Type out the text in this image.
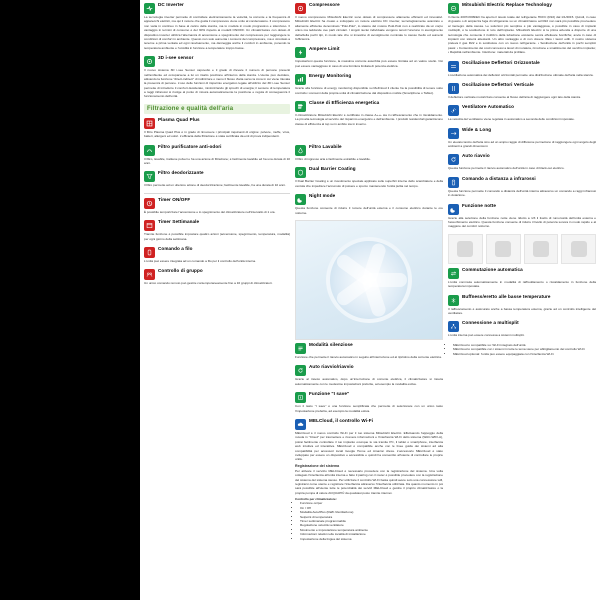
DC Inverter
La tecnologia inverter permette di controllare elettronicamente la velocità, la corrente e la frequenza di apparecchi elettrici, ma qui il motore che guida il compressore viene unito al condensatore. Il compressore non varia in continuo in base al carico della stanza, ma lo modula in modo progressivo e silenzioso. Il vantaggio in termini di consumo è del 30% rispetto ai modelli ON/OFF. Un climatizzatore con dotato di dispositivo inverter utilizza l'alternanza di accensione e spegnimento del compressore per raggiungere le condizioni di comfort in ambiente. Questo non solo aumenta i consumi del compressore, ma è vincolato a tenerne a prima ventata ed ogni ravvisamento, ma danneggia anche il comfort in ambiente, ponendo la temperatura ambiente e l'umidità in funzione a temperature troppo basse.
3D i-see sensor
Il nuovo sistema 3D i-see Sensor capovolto e il grado di rilevare il numero di persone presenti nell'ambiente ed occuparsene a lui un risalto posizione all'interno della stanza. L'utente può decidere, attivando la funzione "direct-indirect" di indirizzare o meno il flusso d'aria verso la zona in cui viene rilevata la presenza di persone. L'uso delle funzioni di risparmio energetico legate all'utilizzo del 3D i-see Sensor permette di introdurre il comfort desiderato, minimizzando gli sprechi di energia; il sensore di temperatura a raggi infrarossi si rivolge al punto di misura automaticamente la posizione e regola di conseguenza il funzionamento dell'unità.
Filtrazione e qualità dell'aria
Plasma Quad Plus
Il filtro Plasma Quad Plus è in grado di rimuovere i principali inquinanti di origine: polvere, muffe, virus, batteri, allergeni ed odori. L'efficacia della filtrazione è stata certificata da enti di prova indipendenti.
Filtro purificatore anti-odori
Il filtro, lavabile, trattiene polveri e ha una azione di filtrazione; è facilmente lavabile ed ha una durata di 10 anni.
Filtro deodorizzante
Il filtro permette ad un ulteriore azione di deodorizzazione; facilmente lavabile, ha una durata di 10 anni.
Timer ON/OFF
È possibile temporizzare l'accensione e lo spegnimento del climatizzatore nell'intervallo di 1 ora.
Timer Settimanale
Tramite funzione è possibile impostare quattro azioni (accensione, spegnimento, temperatura, modalità) per ogni giorno della settimana.
Comando a filo
L'unità può essere integrata ad un comando a filo per il controllo dell'unità interna.
Controllo di gruppo
Un unico comando remoto può gestire contemporaneamente fino a 16 gruppi di climatizzatori.
Compressore
Il nuovo compressore Mitsubishi Electric sono dotato di compressore altamente efficienti ed innovativi. Mitsubishi Electric ha creato e sviluppato un motore elettrico DC inverter, tecnologicamente avanzato e altamente efficiente denominato "Poki-Poki", lo statore del motore Poki-Poki non è realizzato da un corpo unico ma leddonde ove parti circolari. I singoli nuclei individuale vengono tenuti l'uno/uno in avvolgimento dello/della pochi tipi, in modo tale che si innestino di avvolgimento nominale lo stesso livello ed aumenti l'efficienza.
Ampere Limit
Impostazioni questa funzione, la massima corrente assorbita può essere limitata ad un valore scelto. Ciò può essere vantaggioso in caso di una fornitura limitata di potenza elettrica.
Energy Monitoring
Grazie alla funzione di energy monitoring disponibile su MelCloud il cliente ha la possibilità di tenere sotto controllo i consumi della propria unità di climatizzazione dal dispositivo mobile (Smartphone o Tablet).
Classe di Efficienza energetica
Il climatizzatore Mitsubishi Electric è certificato in classe A+++ sia in raffrescamento che in riscaldamento. La più alta tecnologia al servizio del risparmio energetico e dell'ambiente. I prodotti residenziali garantiscono classe di efficienza al top su in ambito sia in inverno.
Filtro Lavabile
Il filtro di ingresso aria è facilmente estraibile e lavabile.
Dual Barrier Coating
Il Dual Barrier Coating è un rivestimento speciale applicato sulle superfici interne dello scambiatore e della ventola che impedisce l'accumulo di polvere e sporco mantenendo l'unità pulita nel tempo.
Night mode
Questa funzione consente di ridurre il rumore dell'unità esterna e il consumo elettrico durante le ore notturne.
Modalità silenziose
Funzione che permette il riavvio automatico in seguito all'interruzione ed al ripristino della corrente elettrica.
Auto riavvio/riavvio
Grazie al riavvio automatico, dopo un'interruzione di corrente elettrica, il climatizzatore si riavvia automaticamente con le medesime impostazioni preferite, ad esempio la modalità estiva.
Funzione "I save"
Con il tasto "I save" è una funzione semplificata che permette di selezionare con un unico tasto l'impostazione preferita, ad esempio la modalità estiva.
MELCloud, il controllo Wi-Fi
MELCloud è il nuovo controllo Wi-Fi per il tuo sistema Mitsubishi Electric. Effettuando l'appoggio della nuvola in "Cloud" per trasmettere e ricevere informazioni e l'interfaccia Wi-Fi dello sistema (WAC-WIFI-A), potrai facilmente controllare il tuo impianto ovunque tu sia tramite PC, il tablet o smartphone, interfaccia web intuitiva ed interattiva. MELCloud è compatibile anche con le linee guida dei sistemi ad alta compatibilità per accessori locali Google Home ed Amazon Alexa. L'accessorio MELCloud è stato sviluppato per essere un dispositivo e accessibile e quindi ha consentito all'utente di controllare le proprie unità.
Registrazione del sistema
Per attivare il servizio MELCloud è necessario procedere con la registrazione del sistema. Una volta collegato l'interfaccia all'unità interna e fatto il pairing con il router è possibile procedere con la registrazione del sistema del sistema stesso. Per utilizzare il controllo Wi-Fi basta quindi avere solo una connessione wifi, registrarsi come utente e registrare l'interfaccia attraverso l'interfaccia utilizzata. Da quanto momento in poi sarà possibile all'utente tutte le potenzialità dei servizi MELCloud e gestire il proprio climatizzatore o la propria pompa di calore ACQUAPIÙ da qualsiasi posto tramite internet.
Controllo per climatizzatore:
• Funzione on/per
• On / Off
• Modalità Auto/Plus (Raffr./Ventilazione)
• Setpoint di temperatura
• Timer settimanale programmabile
• Regolazione velocità ventilatore
• Movimento e impostazione temperatura ambiente
• Informazioni relativi nelle località di installazione
• Impostazione della lingua del sistema
Mitsubishi Electric Replace Technology
Il cliente 2007/2009/EC ha aperto il tavolo totale del refrigerante HCFC (R22) dal 1/1/2015. Quindi, in caso di guasto o di ampiezza fuga di refrigerante su un climatizzatore ad R22 non sarà più possibile provvedere al rientegro della stessa. Le soluzioni più semplice è più vantaggiosa, è possibile in caso di impianti multisplit, è la sostituzione in toto dell'impianto. Mitsubishi Electric si la prima azienda a disporre di una tecnologia che consente il riutilizzo della tubazione esistente senza effettuare bonifiche; avvia in caso di impianti con sistemi attestanti. Un altro vantaggio è di non dovere rifare i lavori edili. Il nostro sistema preleva il gas R22 e lo sostituisce con un nuovo refrigerante. • Sostituzione dell'unità in pochi semplici passi: • Contenimento dei costi connessi a lavori di muratura, rimozione e smaltimento del vecchio impianto; • Rapidità nell'ambiente. Intuizione: materiali da profilare.
Oscillazione Deflettori Orizzontale
L'oscillazione automatica dei deflettori orizzontali permette una distribuzione ottimale dell'aria nella stanza.
Oscillazione Deflettori Verticale
Il deflettore verticale motorizzato consente al flusso dell'aria di raggiungere ogni lato della stanza.
Ventilatore Automatico
La velocità del ventilatore viene regolata in automatico a seconda delle condizioni impostate.
Wide & Long
Un elevato lancio dell'aria sino ad un ampio raggio di diffusione permettono di raggiungere ogni angolo degli ambienti a grandi dimensioni.
Auto riavvio
Questa funzione permette il riavvio automatico dell'unità in caso di black-out elettrico.
Comando a distanza a infrarossi
Questa funzione permette il comando a distanza dell'unità interna attraverso un comando a raggi infrarossi in dotazione.
Funzione notte
Grazie alla selezione della funzione notte viene ridotto a 1/3 il livello di rumorosità dell'unità esterna e l'assorbimento elettrico. Questa funzione consente di ridurre il livello di potenza sonora in modo rapido e al maggiore del comfort notturno.
Commutazione automatica
L'unità commuta automaticamente in modalità di raffreddamento o riscaldamento in funzione della temperatura impostata.
Buffness/eretto alle basse temperature
Il raffrescamento è assicurato anche a bassa temperatura esterna, grazie ad un controllo intelligente del ventilatore.
Connessione a multisplit
L'unità interna può essere connessa a sistemi multisplit.
• MELCloud è compatibile su: Wi-Fi integrato dell'unità
• MELCloud è compatibile con i sistemi in tutte le tema viene per abbigliamento del controllo Wi-Fi
• MELCloud optional: l'unità può essere equipaggiata con l'interfaccia Wi-Fi
